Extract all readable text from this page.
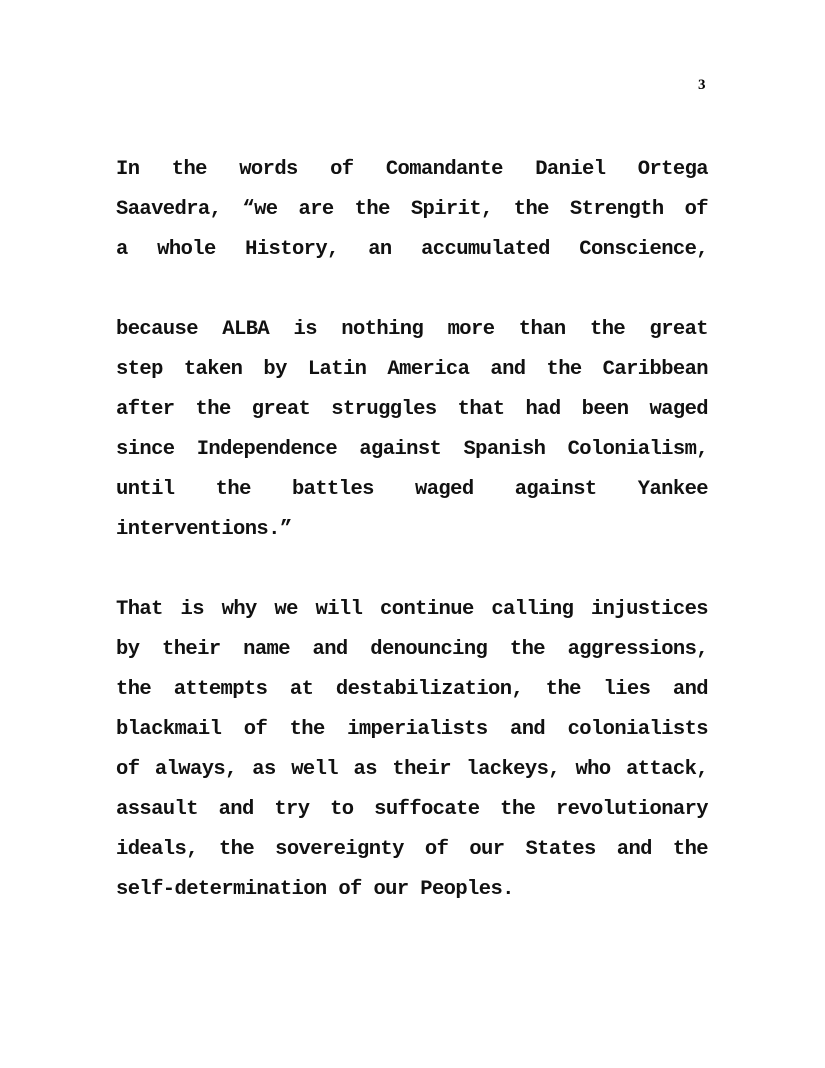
3
In the words of Comandante Daniel Ortega
Saavedra, “we are the Spirit, the Strength of
a whole History, an accumulated Conscience,
because ALBA is nothing more than the great
step taken by Latin America and the Caribbean
after the great struggles that had been waged
since Independence against Spanish Colonialism,
until the battles waged against Yankee
interventions.”
That is why we will continue calling injustices
by their name and denouncing the aggressions,
the attempts at destabilization, the lies and
blackmail of the imperialists and colonialists
of always, as well as their lackeys, who attack,
assault and try to suffocate the revolutionary
ideals, the sovereignty of our States and the
self-determination of our Peoples.
